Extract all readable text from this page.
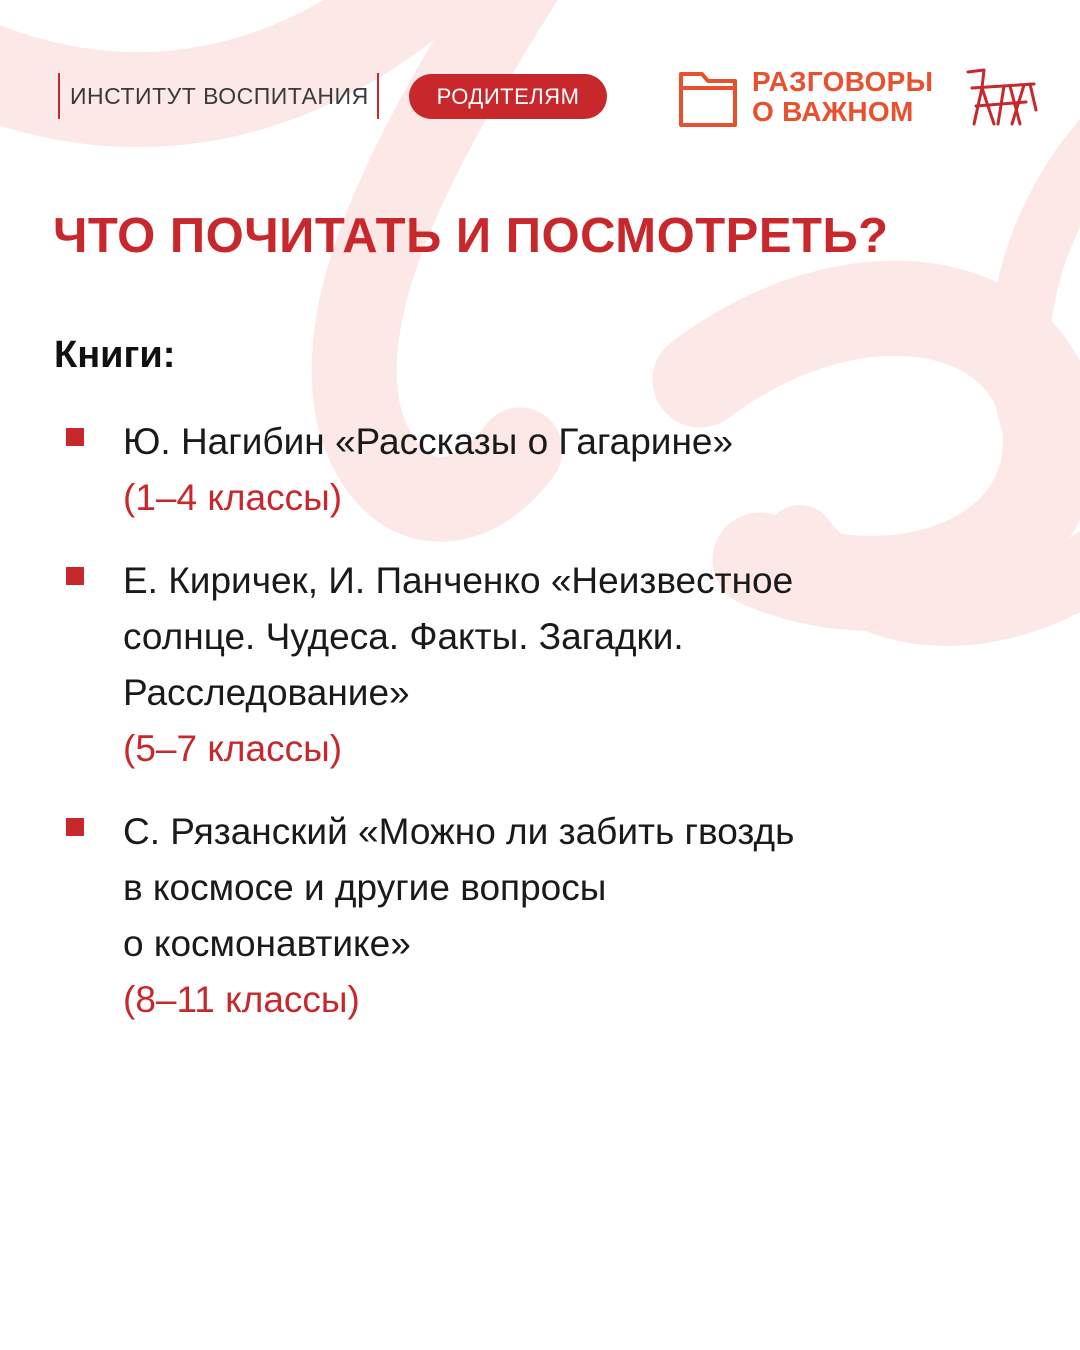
ИНСТИТУТ ВОСПИТАНИЯ	РОДИТЕЛЯМ	РАЗГОВОРЫ
О ВАЖНОМ
ЧТО ПОЧИТАТЬ И ПОСМОТРЕТЬ?
Книги:
Ю. Нагибин «Рассказы о Гагарине»
(1–4 классы)
Е. Киричек, И. Панченко «Неизвестное
солнце. Чудеса. Факты. Загадки.
Расследование»
(5–7 классы)
С. Рязанский «Можно ли забить гвоздь
в космосе и другие вопросы
о космонавтике»
(8–11 классы)
